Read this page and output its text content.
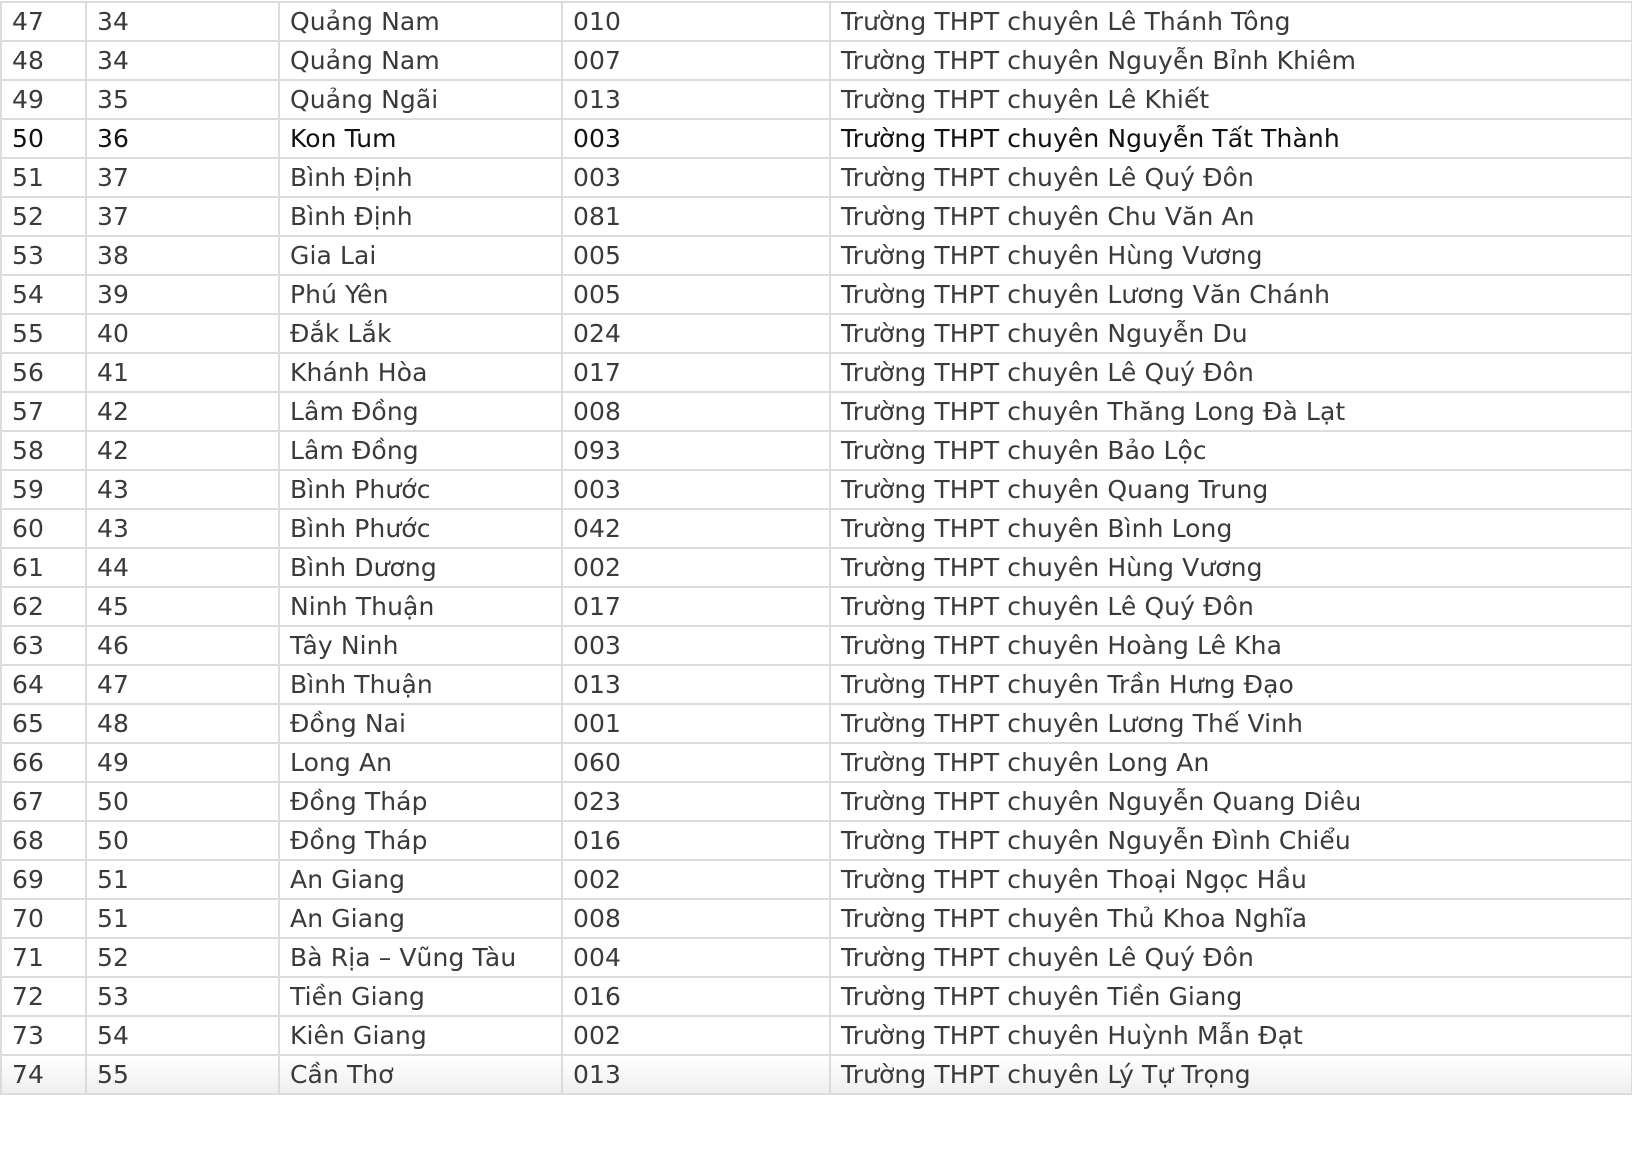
47	34	Quảng Nam	010	Trường THPT chuyên Lê Thánh Tông
48	34	Quảng Nam	007	Trường THPT chuyên Nguyễn Bỉnh Khiêm
49	35	Quảng Ngãi	013	Trường THPT chuyên Lê Khiết
50	36	Kon Tum	003	Trường THPT chuyên Nguyễn Tất Thành
51	37	Bình Định	003	Trường THPT chuyên Lê Quý Đôn
52	37	Bình Định	081	Trường THPT chuyên Chu Văn An
53	38	Gia Lai	005	Trường THPT chuyên Hùng Vương
54	39	Phú Yên	005	Trường THPT chuyên Lương Văn Chánh
55	40	Đắk Lắk	024	Trường THPT chuyên Nguyễn Du
56	41	Khánh Hòa	017	Trường THPT chuyên Lê Quý Đôn
57	42	Lâm Đồng	008	Trường THPT chuyên Thăng Long Đà Lạt
58	42	Lâm Đồng	093	Trường THPT chuyên Bảo Lộc
59	43	Bình Phước	003	Trường THPT chuyên Quang Trung
60	43	Bình Phước	042	Trường THPT chuyên Bình Long
61	44	Bình Dương	002	Trường THPT chuyên Hùng Vương
62	45	Ninh Thuận	017	Trường THPT chuyên Lê Quý Đôn
63	46	Tây Ninh	003	Trường THPT chuyên Hoàng Lê Kha
64	47	Bình Thuận	013	Trường THPT chuyên Trần Hưng Đạo
65	48	Đồng Nai	001	Trường THPT chuyên Lương Thế Vinh
66	49	Long An	060	Trường THPT chuyên Long An
67	50	Đồng Tháp	023	Trường THPT chuyên Nguyễn Quang Diêu
68	50	Đồng Tháp	016	Trường THPT chuyên Nguyễn Đình Chiểu
69	51	An Giang	002	Trường THPT chuyên Thoại Ngọc Hầu
70	51	An Giang	008	Trường THPT chuyên Thủ Khoa Nghĩa
71	52	Bà Rịa – Vũng Tàu	004	Trường THPT chuyên Lê Quý Đôn
72	53	Tiền Giang	016	Trường THPT chuyên Tiền Giang
73	54	Kiên Giang	002	Trường THPT chuyên Huỳnh Mẫn Đạt
74	55	Cần Thơ	013	Trường THPT chuyên Lý Tự Trọng
